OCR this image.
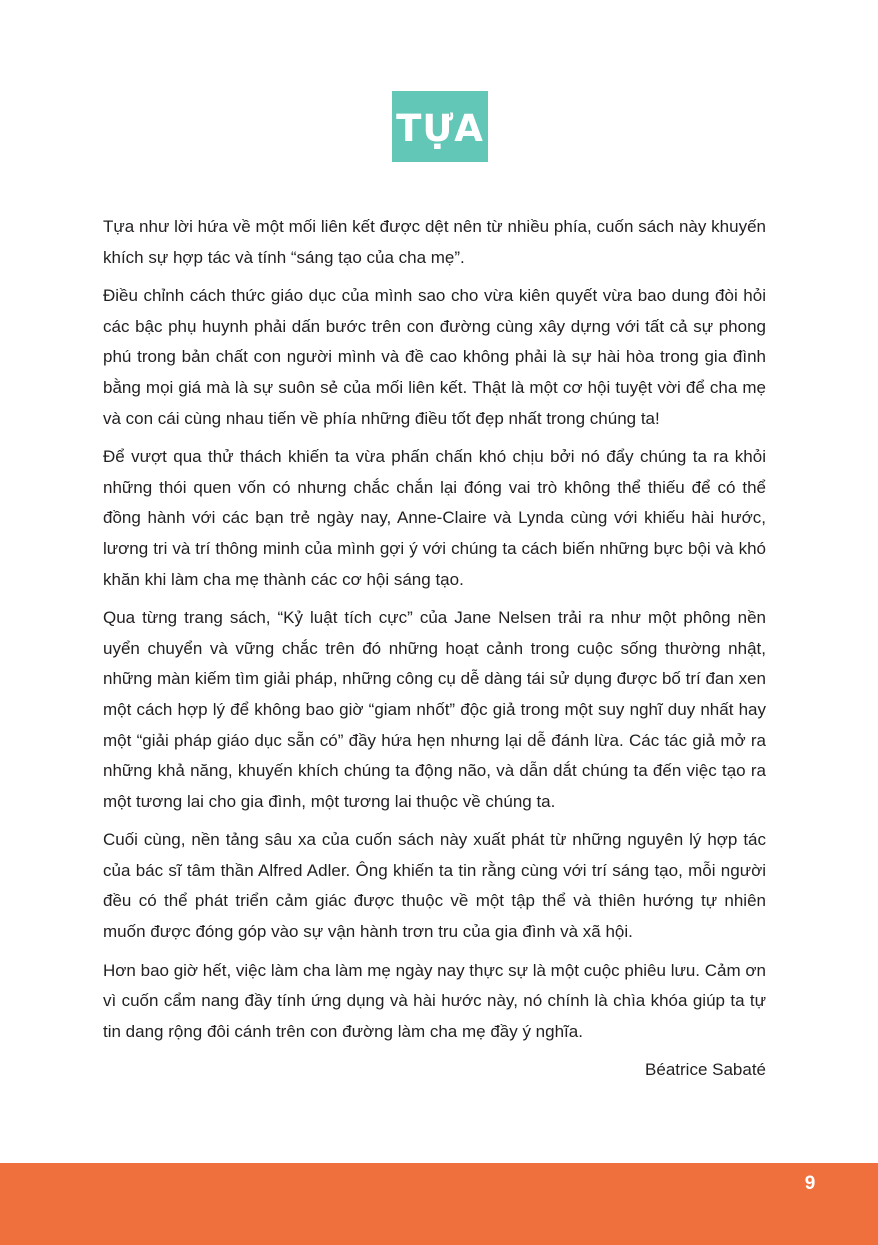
TỰA

Tựa như lời hứa về một mối liên kết được dệt nên từ nhiều phía, cuốn sách này khuyến khích sự hợp tác và tính “sáng tạo của cha mẹ”.

Điều chỉnh cách thức giáo dục của mình sao cho vừa kiên quyết vừa bao dung đòi hỏi các bậc phụ huynh phải dấn bước trên con đường cùng xây dựng với tất cả sự phong phú trong bản chất con người mình và đề cao không phải là sự hài hòa trong gia đình bằng mọi giá mà là sự suôn sẻ của mối liên kết. Thật là một cơ hội tuyệt vời để cha mẹ và con cái cùng nhau tiến về phía những điều tốt đẹp nhất trong chúng ta!

Để vượt qua thử thách khiến ta vừa phấn chấn khó chịu bởi nó đẩy chúng ta ra khỏi những thói quen vốn có nhưng chắc chắn lại đóng vai trò không thể thiếu để có thể đồng hành với các bạn trẻ ngày nay, Anne-Claire và Lynda cùng với khiếu hài hước, lương tri và trí thông minh của mình gợi ý với chúng ta cách biến những bực bội và khó khăn khi làm cha mẹ thành các cơ hội sáng tạo.

Qua từng trang sách, “Kỷ luật tích cực” của Jane Nelsen trải ra như một phông nền uyển chuyển và vững chắc trên đó những hoạt cảnh trong cuộc sống thường nhật, những màn kiếm tìm giải pháp, những công cụ dễ dàng tái sử dụng được bố trí đan xen một cách hợp lý để không bao giờ “giam nhốt” độc giả trong một suy nghĩ duy nhất hay một “giải pháp giáo dục sẵn có” đầy hứa hẹn nhưng lại dễ đánh lừa. Các tác giả mở ra những khả năng, khuyến khích chúng ta động não, và dẫn dắt chúng ta đến việc tạo ra một tương lai cho gia đình, một tương lai thuộc về chúng ta.

Cuối cùng, nền tảng sâu xa của cuốn sách này xuất phát từ những nguyên lý hợp tác của bác sĩ tâm thần Alfred Adler. Ông khiến ta tin rằng cùng với trí sáng tạo, mỗi người đều có thể phát triển cảm giác được thuộc về một tập thể và thiên hướng tự nhiên muốn được đóng góp vào sự vận hành trơn tru của gia đình và xã hội.

Hơn bao giờ hết, việc làm cha làm mẹ ngày nay thực sự là một cuộc phiêu lưu. Cảm ơn vì cuốn cẩm nang đầy tính ứng dụng và hài hước này, nó chính là chìa khóa giúp ta tự tin dang rộng đôi cánh trên con đường làm cha mẹ đầy ý nghĩa.

Béatrice Sabaté
9
